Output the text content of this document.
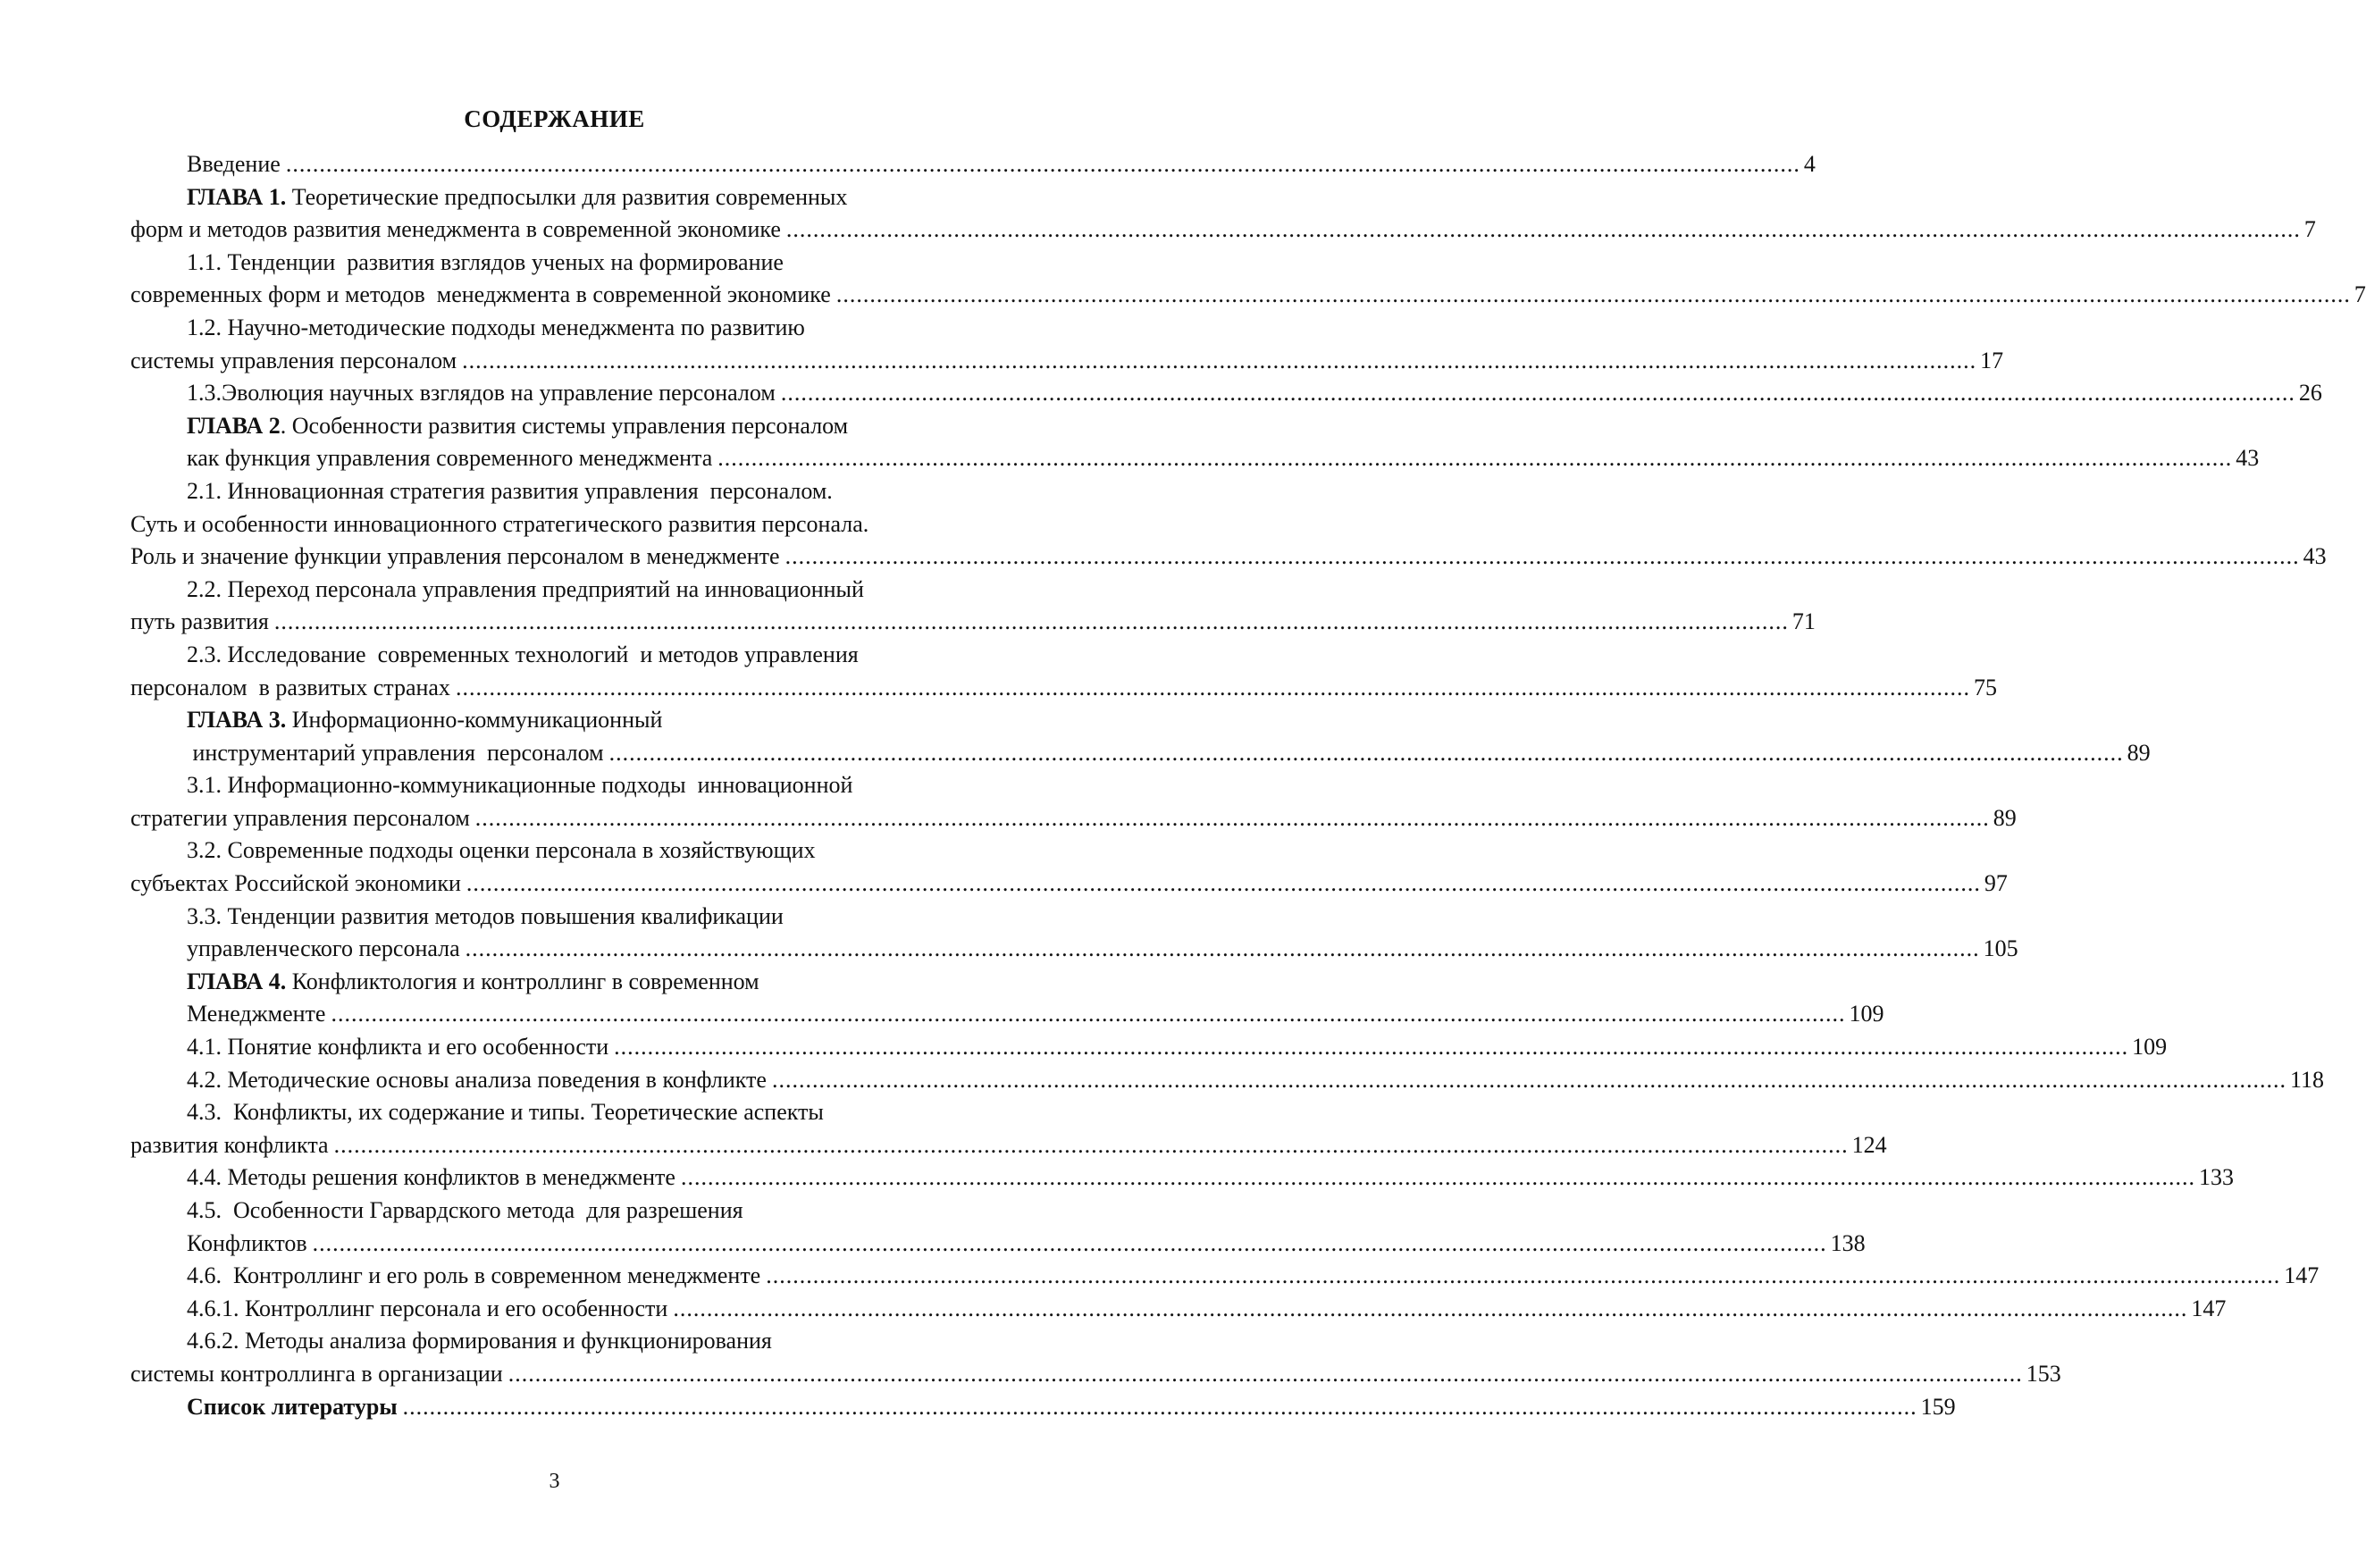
СОДЕРЖАНИЕ
Введение .................................................................................................................................................................................................................................. 4
ГЛАВА 1. Теоретические предпосылки для развития современных
форм и методов развития менеджмента в современной экономике .................................................................................................................................................................................................................................. 7
1.1. Тенденции  развития взглядов ученых на формирование
современных форм и методов  менеджмента в современной экономике .................................................................................................................................................................................................................................. 7
1.2. Научно-методические подходы менеджмента по развитию
системы управления персоналом .................................................................................................................................................................................................................................. 17
1.3.Эволюция научных взглядов на управление персоналом .................................................................................................................................................................................................................................. 26
ГЛАВА 2. Особенности развития системы управления персоналом
как функция управления современного менеджмента .................................................................................................................................................................................................................................. 43
2.1. Инновационная стратегия развития управления  персоналом.
Суть и особенности инновационного стратегического развития персонала.
Роль и значение функции управления персоналом в менеджменте .................................................................................................................................................................................................................................. 43
2.2. Переход персонала управления предприятий на инновационный
путь развития .................................................................................................................................................................................................................................. 71
2.3. Исследование  современных технологий  и методов управления
персоналом  в развитых странах .................................................................................................................................................................................................................................. 75
ГЛАВА 3. Информационно-коммуникационный
инструментарий управления  персоналом .................................................................................................................................................................................................................................. 89
3.1. Информационно-коммуникационные подходы  инновационной
стратегии управления персоналом .................................................................................................................................................................................................................................. 89
3.2. Современные подходы оценки персонала в хозяйствующих
субъектах Российской экономики .................................................................................................................................................................................................................................. 97
3.3. Тенденции развития методов повышения квалификации
управленческого персонала .................................................................................................................................................................................................................................. 105
ГЛАВА 4. Конфликтология и контроллинг в современном
Менеджменте .................................................................................................................................................................................................................................. 109
4.1. Понятие конфликта и его особенности .................................................................................................................................................................................................................................. 109
4.2. Методические основы анализа поведения в конфликте .................................................................................................................................................................................................................................. 118
4.3.  Конфликты, их содержание и типы. Теоретические аспекты
развития конфликта .................................................................................................................................................................................................................................. 124
4.4. Методы решения конфликтов в менеджменте .................................................................................................................................................................................................................................. 133
4.5.  Особенности Гарвардского метода  для разрешения
Конфликтов .................................................................................................................................................................................................................................. 138
4.6.  Контроллинг и его роль в современном менеджменте .................................................................................................................................................................................................................................. 147
4.6.1. Контроллинг персонала и его особенности .................................................................................................................................................................................................................................. 147
4.6.2. Методы анализа формирования и функционирования
системы контроллинга в организации .................................................................................................................................................................................................................................. 153
Список литературы .................................................................................................................................................................................................................................. 159
3
